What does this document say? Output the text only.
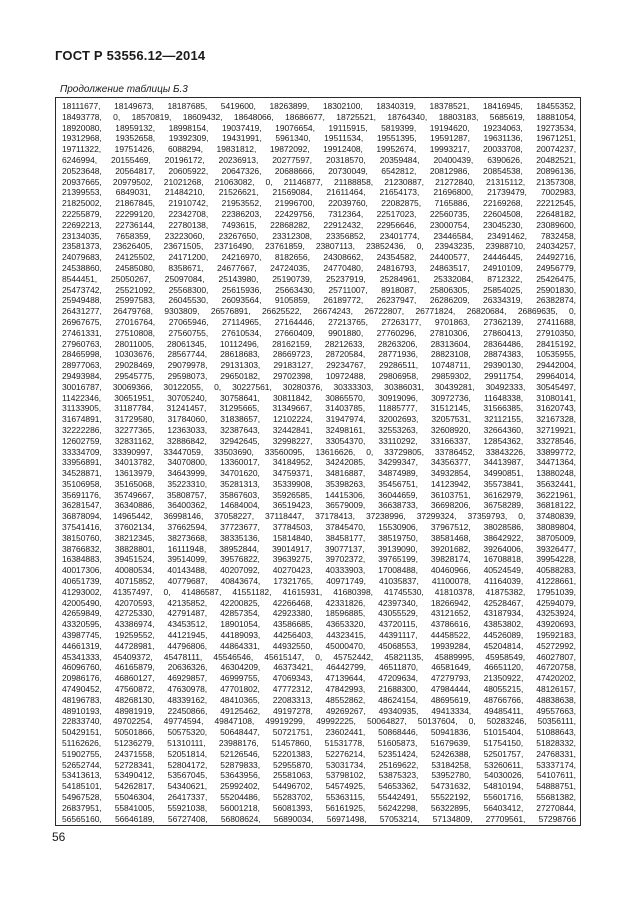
ГОСТ Р 53556.12—2014
Продолжение таблицы Б.3
18111677, 18149673, 18187685, 5419600, 18263899, 18302100, 18340319, 18378521, 18416945, 18455352,
18493778, 0, 18570819, 18609432, 18648066, 18686677, 18725521, 18764340, 18803183, 5685619, 18881054,
18920080, 18959132, 18998154, 19037419, 19076654, 19115915, 5819399, 19194620, 19234063, 19273534,
19312968, 19352658, 19392309, 19431991, 5961340, 19511534, 19551395, 19591287, 19631136, 19671251,
19711322, 19751426, 6088294, 19831812, 19872092, 19912408, 19952674, 19993217, 20033708, 20074237,
6246994, 20155469, 20196172, 20236913, 20277597, 20318570, 20359484, 20400439, 6390626, 20482521,
20523648, 20564817, 20605922, 20647326, 20688666, 20730049, 6542812, 20812986, 20854538, 20896136,
20937665, 20979502, 21021268, 21063082, 0, 21146877, 21188858, 21230887, 21272840, 21315112, 21357308,
21399553, 6849031, 21484210, 21526621, 21569084, 21611464, 21654173, 21696800, 21739479, 7002983,
21825002, 21867845, 21910742, 21953552, 21996700, 22039760, 22082875, 7165886, 22169268, 22212545,
22255879, 22299120, 22342708, 22386203, 22429756, 7312364, 22517023, 22560735, 22604508, 22648182,
22692213, 22736144, 22780138, 7493615, 22868282, 22912432, 22956646, 23000754, 23045230, 23089600,
23134035, 7658359, 23223060, 23267650, 23312308, 23356852, 23401774, 23446584, 23491462, 7832458,
23581373, 23626405, 23671505, 23716490, 23761859, 23807113, 23852436, 0, 23943235, 23988710, 24034257,
24079683, 24125502, 24171200, 24216970, 8182656, 24308662, 24354582, 24400577, 24446445, 24492716,
24538860, 24585080, 8358671, 24677667, 24724035, 24770480, 24816793, 24863517, 24910109, 24956779,
8544451, 25050267, 25097084, 25143980, 25190739, 25237919, 25284961, 25332084, 8712322, 25426475,
25473742, 25521092, 25568300, 25615936, 25663430, 25711007, 8918087, 25806305, 25854025, 25901830,
25949488, 25997583, 26045530, 26093564, 9105859, 26189772, 26237947, 26286209, 26334319, 26382874,
26431277, 26479768, 9303809, 26576891, 26625522, 26674243, 26722807, 26771824, 26820684, 26869635, 0,
26967675, 27016764, 27065946, 27114965, 27164446, 27213765, 27263177, 9701863, 27362139, 27411688,
27461331, 27510808, 27560755, 27610534, 27660409, 9901880, 27760296, 27810306, 27860413, 27910350,
27960763, 28011005, 28061345, 10112496, 28162159, 28212633, 28263206, 28313604, 28364486, 28415192,
28465998, 10303676, 28567744, 28618683, 28669723, 28720584, 28771936, 28823108, 28874383, 10535955,
28977063, 29028469, 29079978, 29131303, 29183127, 29234767, 29286511, 10748711, 29390130, 29442004,
29493984, 29545775, 29598073, 29650182, 29702398, 10972488, 29806958, 29859302, 29911754, 29964014,
30016787, 30069366, 30122055, 0, 30227561, 30280376, 30333303, 30386031, 30439281, 30492333, 30545497,
11422346, 30651951, 30705240, 30758641, 30811842, 30865570, 30919096, 30972736, 11648338, 31080141,
31133905, 31187784, 31241457, 31295665, 31349667, 31403785, 11885777, 31512145, 31566385, 31620743,
31674891, 31729580, 31784060, 31838657, 12102224, 31947974, 32002693, 32057531, 32112155, 32167328,
32222286, 32277365, 12363033, 32387643, 32442841, 32498161, 32553263, 32608920, 32664360, 32719921,
12602759, 32831162, 32886842, 32942645, 32998227, 33054370, 33110292, 33166337, 12854362, 33278546,
33334709, 33390997, 33447059, 33503690, 33560095, 13616626, 0, 33729805, 33786452, 33843226, 33899772,
33956891, 34013782, 34070800, 13360017, 34184952, 34242085, 34299347, 34356377, 34413987, 34471364,
34528871, 13613979, 34643999, 34701620, 34759371, 34816887, 34874989, 34932854, 34990851, 13880248,
35106958, 35165068, 35223310, 35281313, 35339908, 35398263, 35456751, 14123942, 35573841, 35632441,
35691176, 35749667, 35808757, 35867603, 35926585, 14415306, 36044659, 36103751, 36162979, 36221961,
36281547, 36340886, 36400362, 14684004, 36519423, 36579009, 36638733, 36698206, 36758289, 36818122,
36878094, 14965442, 36998146, 37058227, 37118447, 37178413, 37238996, 37299324, 37359793, 0, 37480839,
37541416, 37602134, 37662594, 37723677, 37784503, 37845470, 15530906, 37967512, 38028586, 38089804,
38150760, 38212345, 38273668, 38335136, 15814840, 38458177, 38519750, 38581468, 38642922, 38705009,
38766832, 38828801, 16111948, 38952844, 39014917, 39077137, 39139090, 39201682, 39264006, 39326477,
16384883, 39451524, 39514099, 39576822, 39639275, 39702372, 39765199, 39828174, 16708818, 39954228,
40017306, 40080534, 40143488, 40207092, 40270423, 40333903, 17008488, 40460966, 40524549, 40588283,
40651739, 40715852, 40779687, 40843674, 17321765, 40971749, 41035837, 41100078, 41164039, 41228661,
41293002, 41357497, 0, 41486587, 41551182, 41615931, 41680398, 41745530, 41810378, 41875382, 17951039,
42005490, 42070593, 42135852, 42200825, 42266468, 42331826, 42397340, 18266942, 42528467, 42594079,
42659849, 42725330, 42791487, 42857354, 42923380, 18596885, 43055529, 43121652, 43187934, 43253924,
43320595, 43386974, 43453512, 18901054, 43586685, 43653320, 43720115, 43786616, 43853802, 43920693,
43987745, 19259552, 44121945, 44189093, 44256403, 44323415, 44391117, 44458522, 44526089, 19592183,
44661319, 44728981, 44796806, 44864331, 44932550, 45000470, 45068553, 19939284, 45204814, 45272992,
45341333, 45409372, 45478111, 45546546, 45615147, 0, 45752442, 45821135, 45889995, 45958549, 46027807,
46096760, 46165879, 20636326, 46304209, 46373421, 46442799, 46511870, 46581649, 46651120, 46720758,
20986176, 46860127, 46929857, 46999755, 47069343, 47139644, 47209634, 47279793, 21350922, 47420202,
47490452, 47560872, 47630978, 47701802, 47772312, 47842993, 21688300, 47984444, 48055215, 48126157,
48196783, 48268130, 48339162, 48410365, 22083313, 48552862, 48624154, 48695619, 48766766, 48838638,
48910193, 48981919, 22450866, 49125462, 49197278, 49269267, 49340935, 49413334, 49485411, 49557663,
22833740, 49702254, 49774594, 49847108, 49919299, 49992225, 50064827, 50137604, 0, 50283246, 50356111,
50429151, 50501866, 50575320, 50648447, 50721751, 23602441, 50868446, 50941836, 51015404, 51088643,
51162626, 51236279, 51310111, 23988176, 51457860, 51531778, 51605873, 51679639, 51754150, 51828332,
51902755, 24371558, 52051814, 52126546, 52201383, 52276214, 52351424, 52426388, 52501757, 24768331,
52652744, 52728341, 52804172, 52879833, 52955870, 53031734, 25169622, 53184258, 53260611, 53337174,
53413613, 53490412, 53567045, 53643956, 25581063, 53798102, 53875323, 53952780, 54030026, 54107611,
54185101, 54262817, 54340621, 25992402, 54496702, 54574925, 54653362, 54731632, 54810194, 54888751,
54967528, 55046304, 26417337, 55204486, 55283702, 55363115, 55442491, 55522192, 55601716, 55681382,
26837951, 55841005, 55921038, 56001218, 56081393, 56161925, 56242298, 56322895, 56403412, 27270844,
56565160, 56646189, 56727408, 56808624, 56890034, 56971498, 57053214, 57134809, 27709561, 57298766
56
